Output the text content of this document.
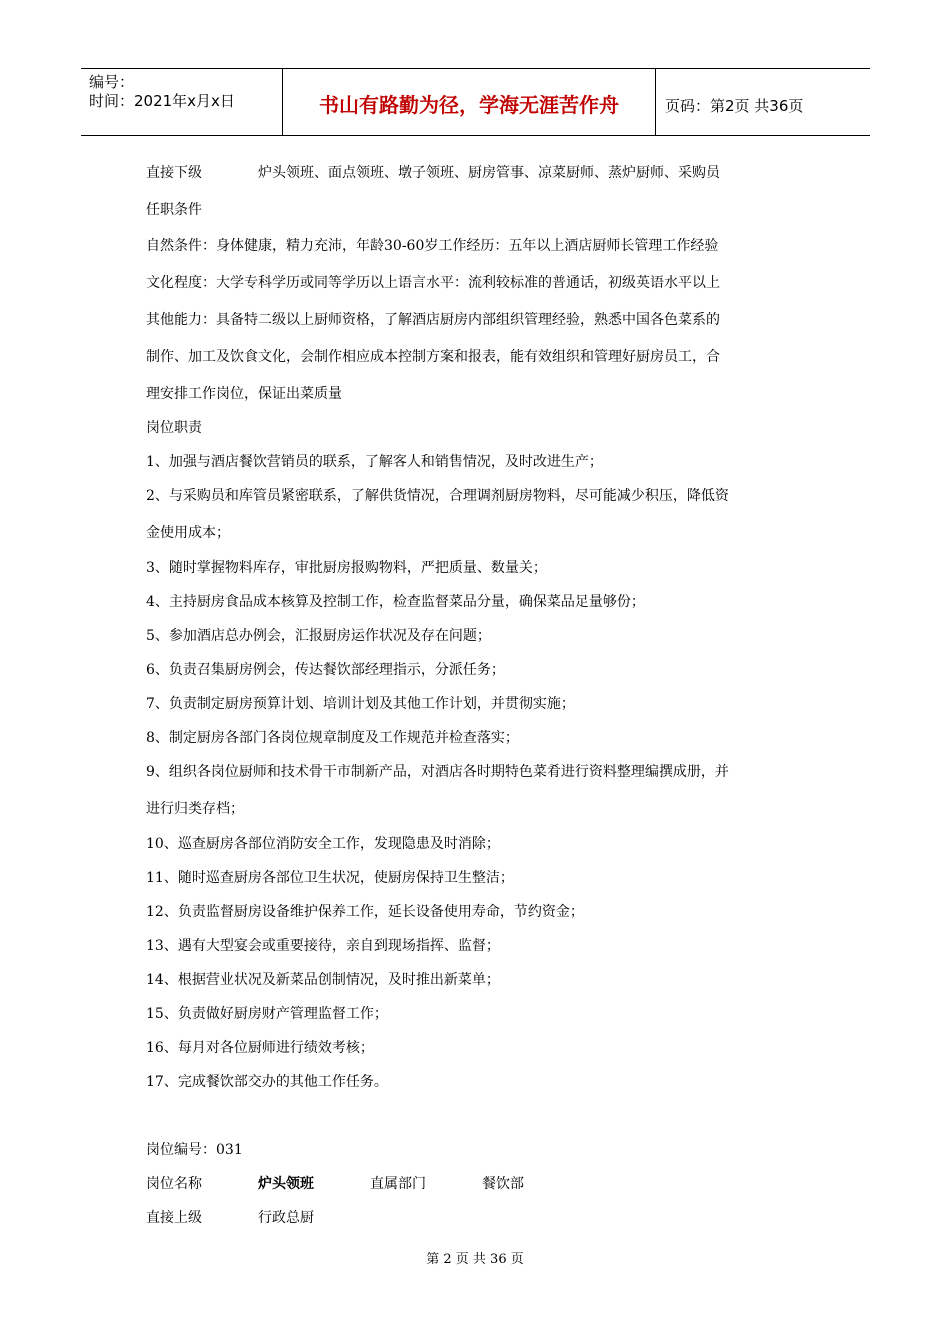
编号：
时间：2021年x月x日	书山有路勤为径，学海无涯苦作舟	页码：第2页 共36页
直接下级	炉头领班、面点领班、墩子领班、厨房管事、凉菜厨师、蒸炉厨师、采购员
任职条件
自然条件：身体健康，精力充沛，年龄30-60岁工作经历：五年以上酒店厨师长管理工作经验
文化程度：大学专科学历或同等学历以上语言水平：流利较标准的普通话，初级英语水平以上
其他能力：具备特二级以上厨师资格，了解酒店厨房内部组织管理经验，熟悉中国各色菜系的
制作、加工及饮食文化，会制作相应成本控制方案和报表，能有效组织和管理好厨房员工，合
理安排工作岗位，保证出菜质量
岗位职责
1、加强与酒店餐饮营销员的联系，了解客人和销售情况，及时改进生产；
2、与采购员和库管员紧密联系，了解供货情况，合理调剂厨房物料，尽可能减少积压，降低资
金使用成本；
3、随时掌握物料库存，审批厨房报购物料，严把质量、数量关；
4、主持厨房食品成本核算及控制工作，检查监督菜品分量，确保菜品足量够份；
5、参加酒店总办例会，汇报厨房运作状况及存在问题；
6、负责召集厨房例会，传达餐饮部经理指示，分派任务；
7、负责制定厨房预算计划、培训计划及其他工作计划，并贯彻实施；
8、制定厨房各部门各岗位规章制度及工作规范并检查落实；
9、组织各岗位厨师和技术骨干市制新产品，对酒店各时期特色菜肴进行资料整理编撰成册，并
进行归类存档；
10、巡查厨房各部位消防安全工作，发现隐患及时消除；
11、随时巡查厨房各部位卫生状况，使厨房保持卫生整洁；
12、负责监督厨房设备维护保养工作，延长设备使用寿命，节约资金；
13、遇有大型宴会或重要接待，亲自到现场指挥、监督；
14、根据营业状况及新菜品创制情况，及时推出新菜单；
15、负责做好厨房财产管理监督工作；
16、每月对各位厨师进行绩效考核；
17、完成餐饮部交办的其他工作任务。
岗位编号：031
岗位名称	炉头领班	直属部门	餐饮部
直接上级	行政总厨
第 2 页 共 36 页
